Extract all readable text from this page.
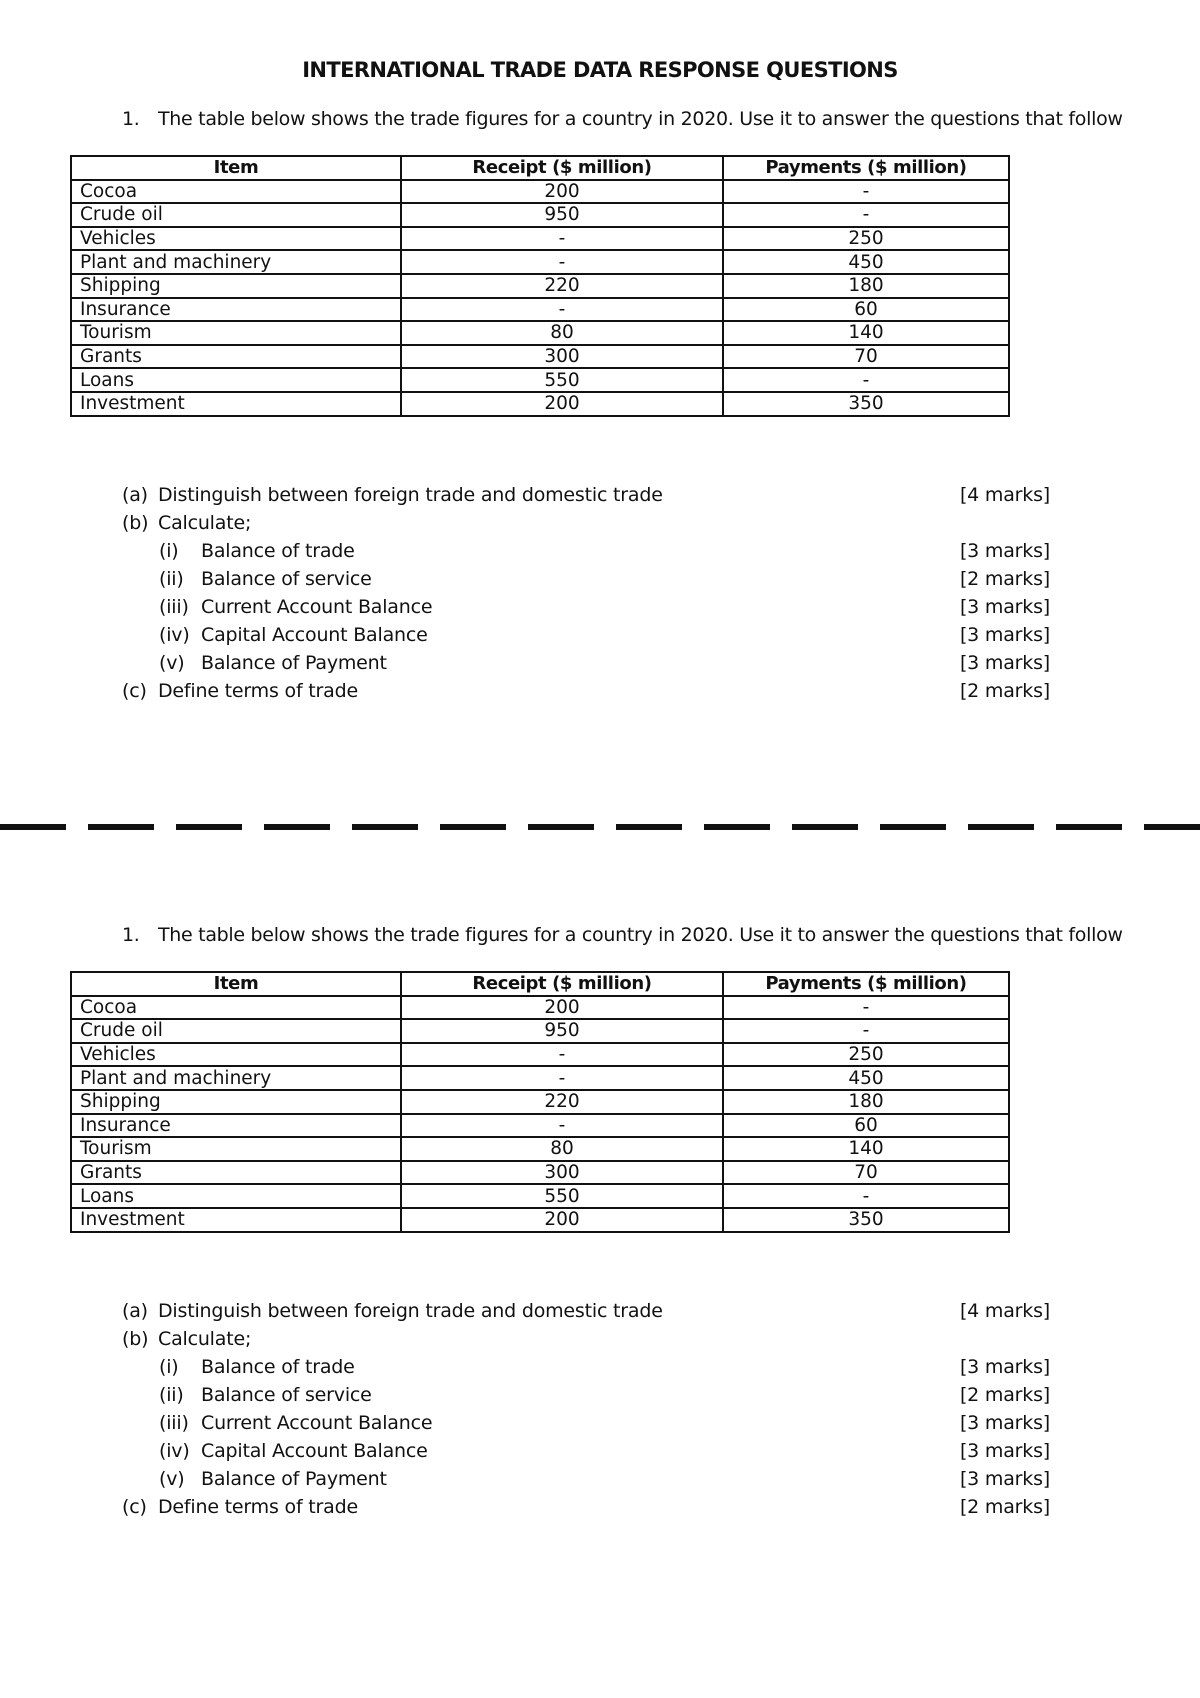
INTERNATIONAL TRADE DATA RESPONSE QUESTIONS
1. The table below shows the trade figures for a country in 2020. Use it to answer the questions that follow
Item	Receipt ($ million)	Payments ($ million)
Cocoa	200	-
Crude oil	950	-
Vehicles	-	250
Plant and machinery	-	450
Shipping	220	180
Insurance	-	60
Tourism	80	140
Grants	300	70
Loans	550	-
Investment	200	350
(a) Distinguish between foreign trade and domestic trade	[4 marks]
(b) Calculate;
(i) Balance of trade	[3 marks]
(ii) Balance of service	[2 marks]
(iii) Current Account Balance	[3 marks]
(iv) Capital Account Balance	[3 marks]
(v) Balance of Payment	[3 marks]
(c) Define terms of trade	[2 marks]
1. The table below shows the trade figures for a country in 2020. Use it to answer the questions that follow
Item	Receipt ($ million)	Payments ($ million)
Cocoa	200	-
Crude oil	950	-
Vehicles	-	250
Plant and machinery	-	450
Shipping	220	180
Insurance	-	60
Tourism	80	140
Grants	300	70
Loans	550	-
Investment	200	350
(a) Distinguish between foreign trade and domestic trade	[4 marks]
(b) Calculate;
(i) Balance of trade	[3 marks]
(ii) Balance of service	[2 marks]
(iii) Current Account Balance	[3 marks]
(iv) Capital Account Balance	[3 marks]
(v) Balance of Payment	[3 marks]
(c) Define terms of trade	[2 marks]
